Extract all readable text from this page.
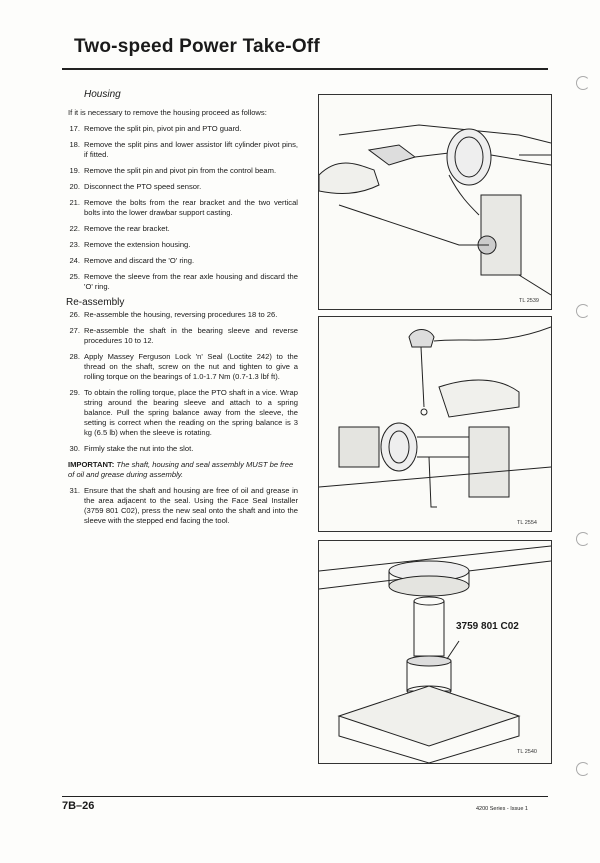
Two-speed Power Take-Off
Housing
If it is necessary to remove the housing proceed as follows:
17. Remove the split pin, pivot pin and PTO guard.
18. Remove the split pins and lower assistor lift cylinder pivot pins, if fitted.
19. Remove the split pin and pivot pin from the control beam.
20. Disconnect the PTO speed sensor.
21. Remove the bolts from the rear bracket and the two vertical bolts into the lower drawbar support casting.
22. Remove the rear bracket.
23. Remove the extension housing.
24. Remove and discard the 'O' ring.
25. Remove the sleeve from the rear axle housing and discard the 'O' ring.
Re-assembly
26. Re-assemble the housing, reversing procedures 18 to 26.
27. Re-assemble the shaft in the bearing sleeve and reverse procedures 10 to 12.
28. Apply Massey Ferguson Lock 'n' Seal (Loctite 242) to the thread on the shaft, screw on the nut and tighten to give a rolling torque on the bearings of 1.0-1.7 Nm (0.7-1.3 lbf ft).
29. To obtain the rolling torque, place the PTO shaft in a vice. Wrap string around the bearing sleeve and attach to a spring balance. Pull the spring balance away from the sleeve, the setting is correct when the reading on the spring balance is 3 kg (6.5 lb) when the sleeve is rotating.
30. Firmly stake the nut into the slot.
IMPORTANT: The shaft, housing and seal assembly MUST be free of oil and grease during assembly.
31. Ensure that the shaft and housing are free of oil and grease in the area adjacent to the seal. Using the Face Seal Installer (3759 801 C02), press the new seal onto the shaft and into the sleeve with the stepped end facing the tool.
TL 2539
TL 2554
TL 2540
3759 801 C02
7B–26	4200 Series - Issue 1
